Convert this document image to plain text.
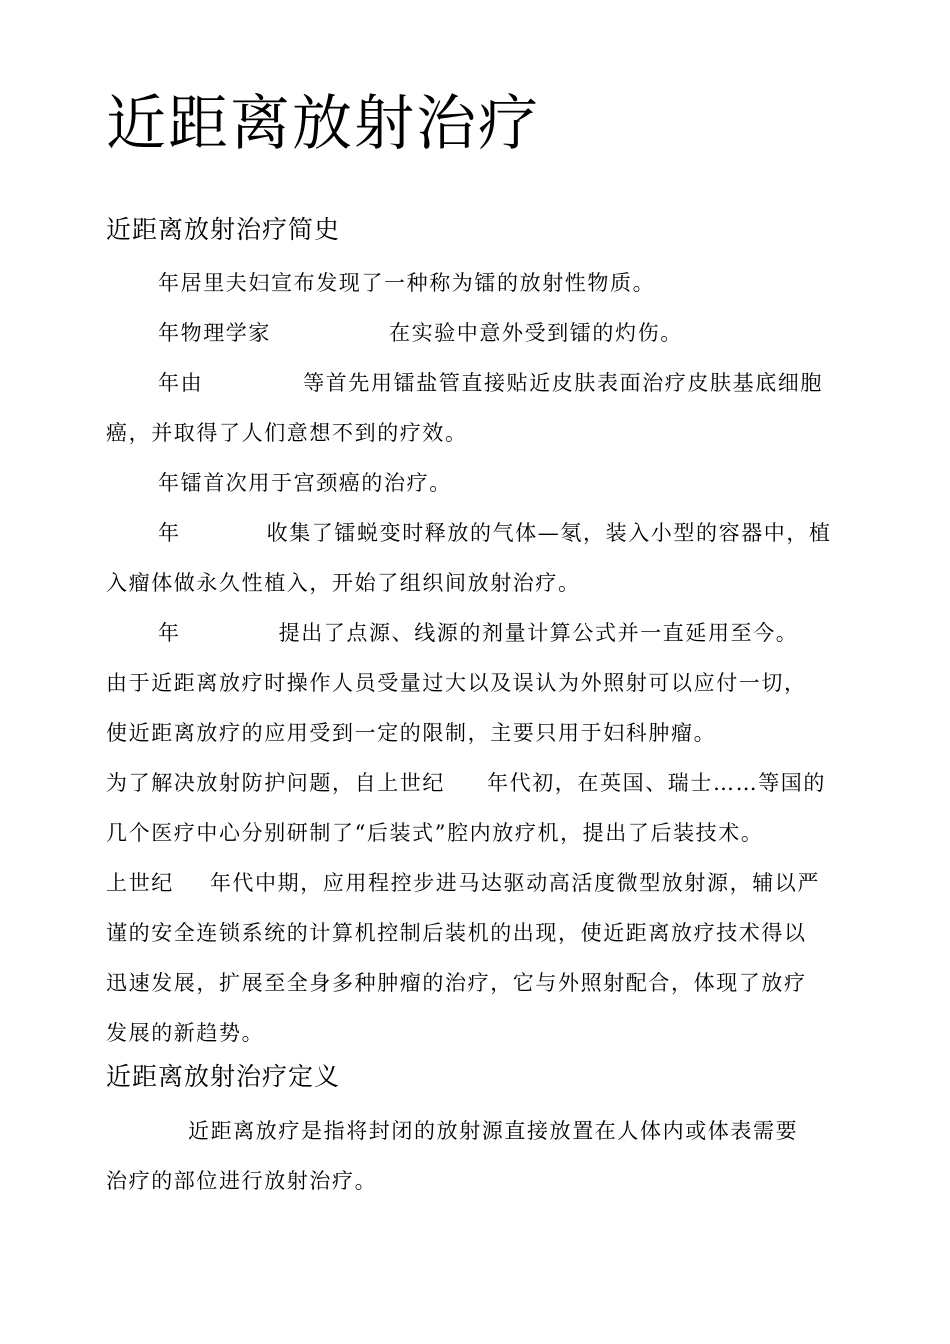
近距离放射治疗
近距离放射治疗简史
年居里夫妇宣布发现了一种称为镭的放射性物质。
年物理学家	在实验中意外受到镭的灼伤。
年由	等首先用镭盐管直接贴近皮肤表面治疗皮肤基底细胞
癌，并取得了人们意想不到的疗效。
年镭首次用于宫颈癌的治疗。
年	收集了镭蜕变时释放的气体—氡，装入小型的容器中，植
入瘤体做永久性植入，开始了组织间放射治疗。
年	提出了点源、线源的剂量计算公式并一直延用至今。
由于近距离放疗时操作人员受量过大以及误认为外照射可以应付一切，
使近距离放疗的应用受到一定的限制，主要只用于妇科肿瘤。
为了解决放射防护问题，自上世纪 年代初，在英国、瑞士……等国的
几个医疗中心分别研制了“后装式”腔内放疗机，提出了后装技术。
上世纪 年代中期，应用程控步进马达驱动高活度微型放射源，辅以严
谨的安全连锁系统的计算机控制后装机的出现，使近距离放疗技术得以
迅速发展，扩展至全身多种肿瘤的治疗，它与外照射配合，体现了放疗
发展的新趋势。
近距离放射治疗定义
近距离放疗是指将封闭的放射源直接放置在人体内或体表需要
治疗的部位进行放射治疗。
